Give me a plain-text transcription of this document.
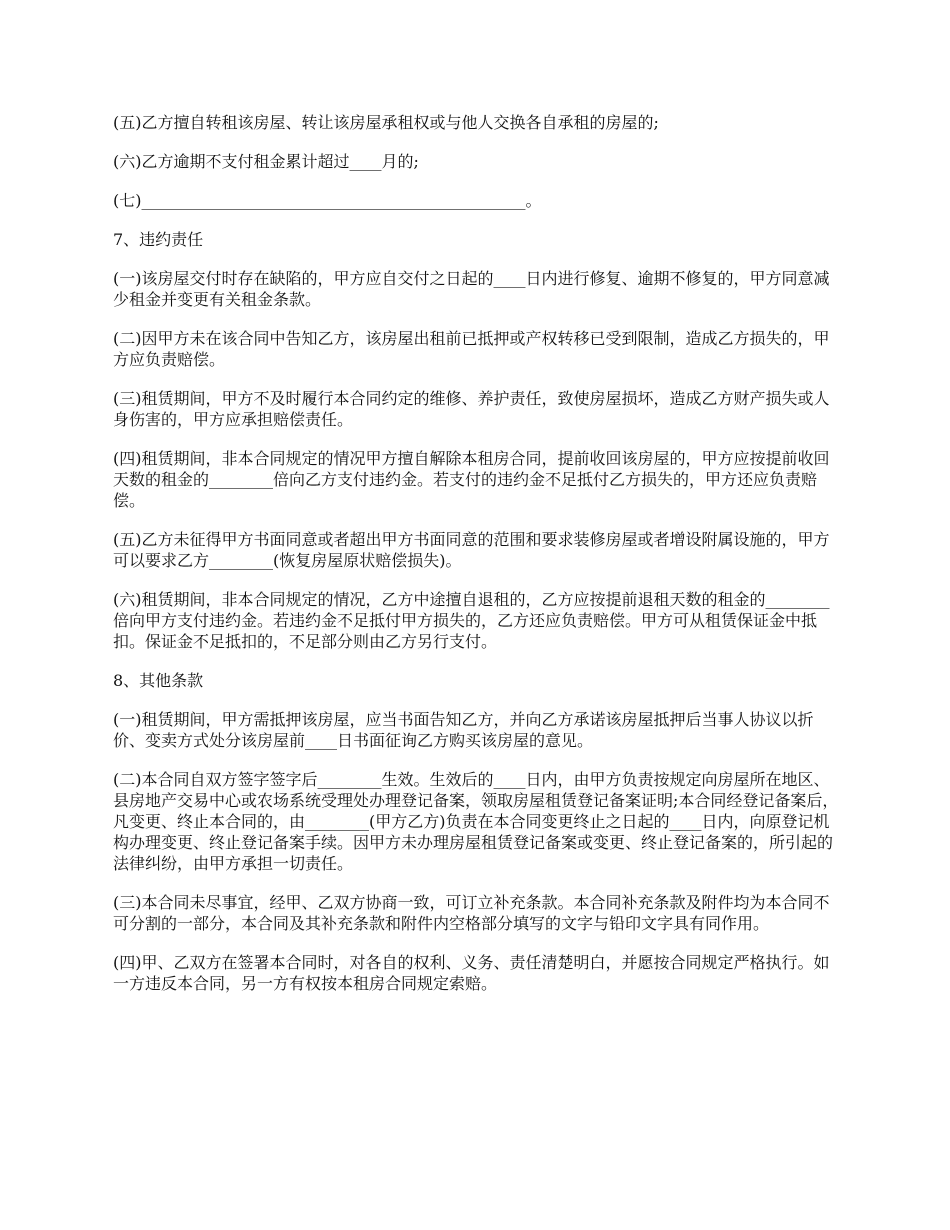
(五)乙方擅自转租该房屋、转让该房屋承租权或与他人交换各自承租的房屋的;

(六)乙方逾期不支付租金累计超过____月的;

(七)________________________________________________。

7、违约责任

(一)该房屋交付时存在缺陷的，甲方应自交付之日起的____日内进行修复、逾期不修复的，甲方同意减少租金并变更有关租金条款。

(二)因甲方未在该合同中告知乙方，该房屋出租前已抵押或产权转移已受到限制，造成乙方损失的，甲方应负责赔偿。

(三)租赁期间，甲方不及时履行本合同约定的维修、养护责任，致使房屋损坏，造成乙方财产损失或人身伤害的，甲方应承担赔偿责任。

(四)租赁期间，非本合同规定的情况甲方擅自解除本租房合同，提前收回该房屋的，甲方应按提前收回天数的租金的________倍向乙方支付违约金。若支付的违约金不足抵付乙方损失的，甲方还应负责赔偿。

(五)乙方未征得甲方书面同意或者超出甲方书面同意的范围和要求装修房屋或者增设附属设施的，甲方可以要求乙方________(恢复房屋原状赔偿损失)。

(六)租赁期间，非本合同规定的情况，乙方中途擅自退租的，乙方应按提前退租天数的租金的________倍向甲方支付违约金。若违约金不足抵付甲方损失的，乙方还应负责赔偿。甲方可从租赁保证金中抵扣。保证金不足抵扣的，不足部分则由乙方另行支付。

8、其他条款

(一)租赁期间，甲方需抵押该房屋，应当书面告知乙方，并向乙方承诺该房屋抵押后当事人协议以折价、变卖方式处分该房屋前____日书面征询乙方购买该房屋的意见。

(二)本合同自双方签字签字后________生效。生效后的____日内，由甲方负责按规定向房屋所在地区、县房地产交易中心或农场系统受理处办理登记备案，领取房屋租赁登记备案证明;本合同经登记备案后，凡变更、终止本合同的，由________(甲方乙方)负责在本合同变更终止之日起的____日内，向原登记机构办理变更、终止登记备案手续。因甲方未办理房屋租赁登记备案或变更、终止登记备案的，所引起的法律纠纷，由甲方承担一切责任。

(三)本合同未尽事宜，经甲、乙双方协商一致，可订立补充条款。本合同补充条款及附件均为本合同不可分割的一部分，本合同及其补充条款和附件内空格部分填写的文字与铅印文字具有同作用。

(四)甲、乙双方在签署本合同时，对各自的权利、义务、责任清楚明白，并愿按合同规定严格执行。如一方违反本合同，另一方有权按本租房合同规定索赔。
